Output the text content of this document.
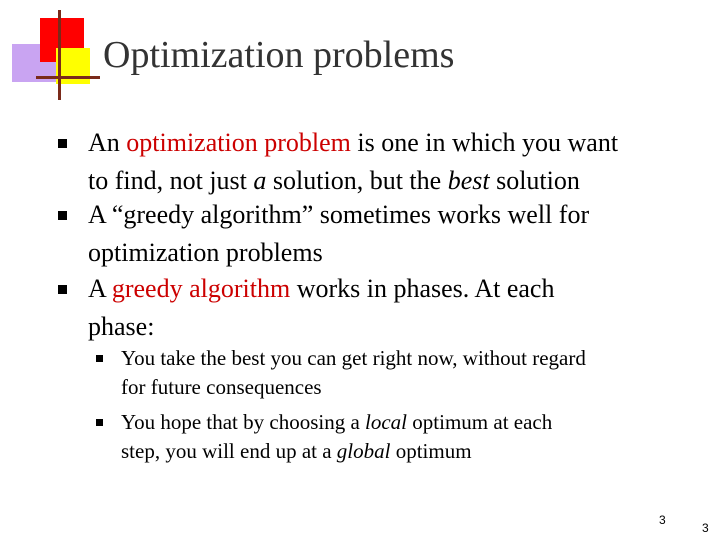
Optimization problems
An optimization problem is one in which you want
to find, not just a solution, but the best solution
A “greedy algorithm” sometimes works well for
optimization problems
A greedy algorithm works in phases. At each
phase:
You take the best you can get right now, without regard
for future consequences
You hope that by choosing a local optimum at each
step, you will end up at a global optimum
3
3
